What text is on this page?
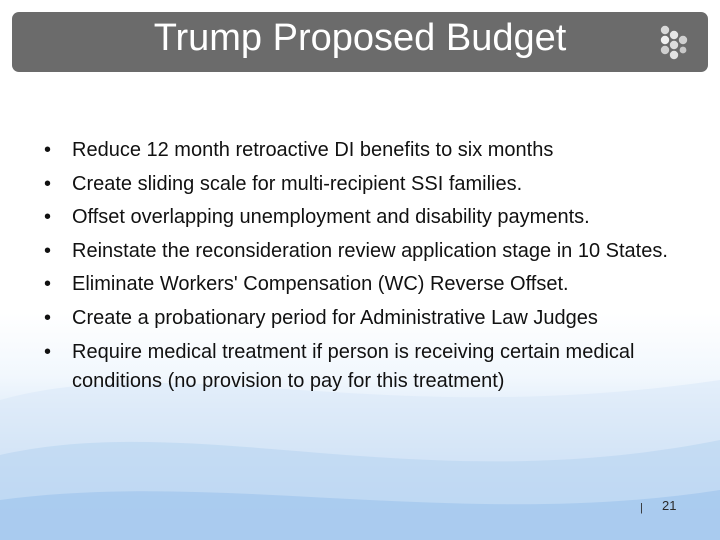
Trump Proposed Budget
•	Reduce 12 month retroactive DI benefits to six months
•	Create sliding scale for multi-recipient SSI families.
•	Offset overlapping unemployment and disability payments.
•	Reinstate the reconsideration review application stage in 10 States.
•	Eliminate Workers' Compensation (WC) Reverse Offset.
•	Create a probationary period for Administrative Law Judges
•	Require medical treatment if person is receiving certain medical conditions (no provision to pay for this treatment)
| 21
